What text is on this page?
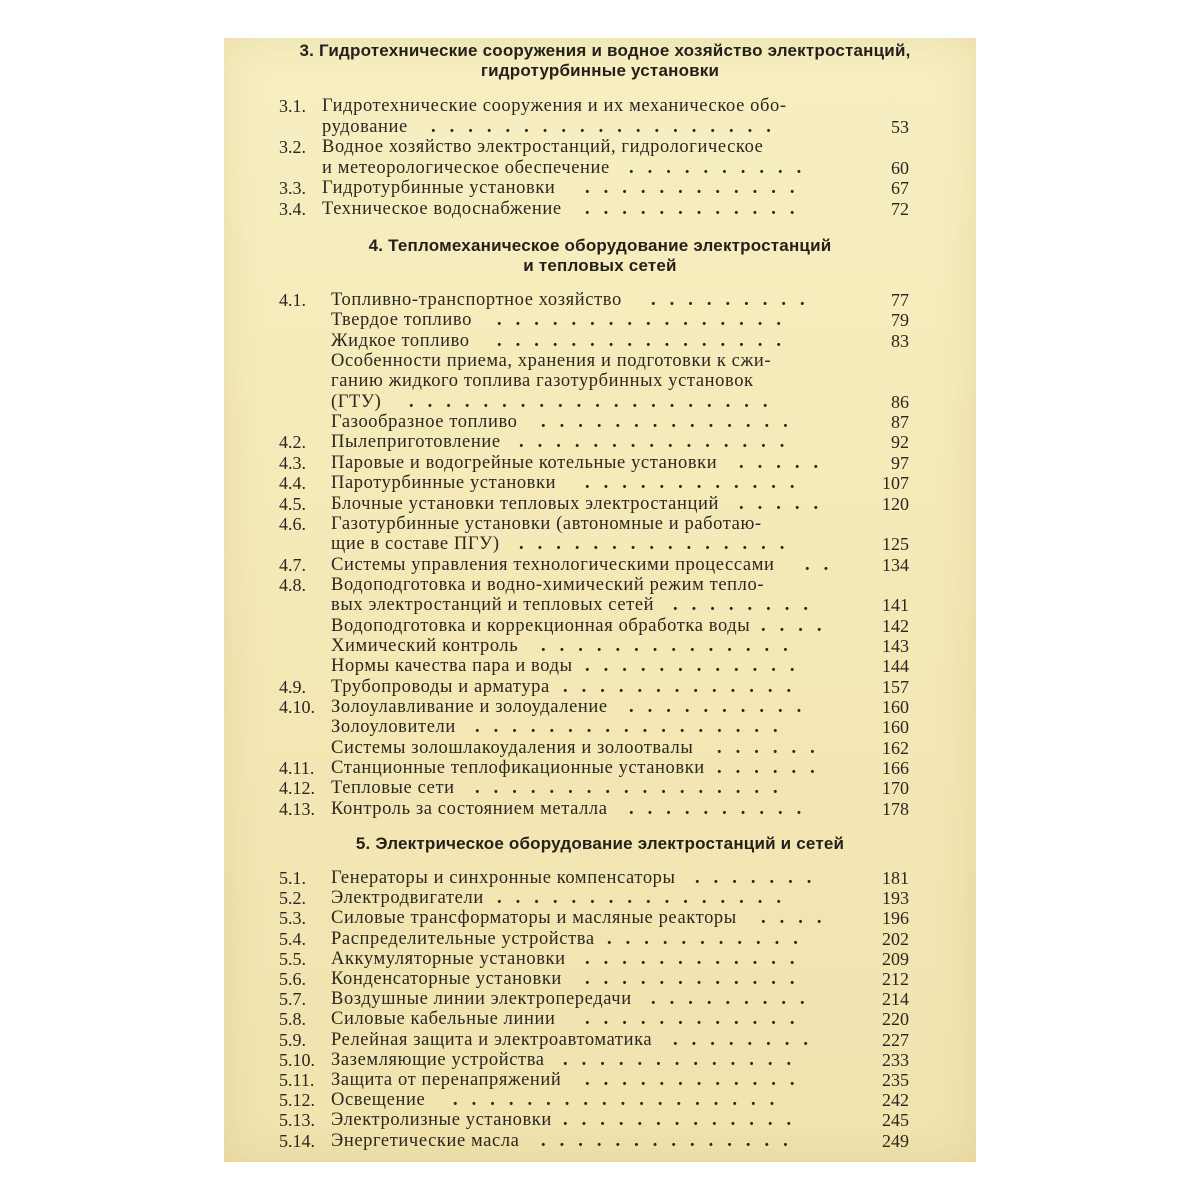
3. Гидротехнические сооружения и водное хозяйство электростанций,
гидротурбинные установки
3.1. Гидротехнические сооружения и их механическое обо-
рудование ...................	53
3.2. Водное хозяйство электростанций, гидрологическое
и метеорологическое обеспечение ..........	60
3.3. Гидротурбинные установки ............	67
3.4. Техническое водоснабжение ............	72
4. Тепломеханическое оборудование электростанций
и тепловых сетей
4.1.	Топливно-транспортное хозяйство .........	77
Твердое топливо ................	79
Жидкое топливо ................	83
Особенности приема, хранения и подготовки к сжи-
ганию жидкого топлива газотурбинных установок
(ГТУ) ....................	86
Газообразное топливо ..............	87
4.2.	Пылеприготовление ...............	92
4.3.	Паровые и водогрейные котельные установки .....	97
4.4.	Паротурбинные установки ............	107
4.5.	Блочные установки тепловых электростанций .....	120
4.6.	Газотурбинные установки (автономные и работаю-
щие в составе ПГУ) ...............	125
4.7.	Системы управления технологическими процессами ..	134
4.8.	Водоподготовка и водно-химический режим тепло-
вых электростанций и тепловых сетей ........	141
Водоподготовка и коррекционная обработка воды ....	142
Химический контроль ..............	143
Нормы качества пара и воды ............	144
4.9.	Трубопроводы и арматура .............	157
4.10. Золоулавливание и золоудаление ..........	160
Золоуловители .................	160
Системы золошлакоудаления и золоотвалы ......	162
4.11. Станционные теплофикационные установки ......	166
4.12. Тепловые сети .................	170
4.13. Контроль за состоянием металла ..........	178
5. Электрическое оборудование электростанций и сетей
5.1.	Генераторы и синхронные компенсаторы .......	181
5.2.	Электродвигатели ................	193
5.3.	Силовые трансформаторы и масляные реакторы ....	196
5.4.	Распределительные устройства ...........	202
5.5.	Аккумуляторные установки ............	209
5.6.	Конденсаторные установки ............	212
5.7.	Воздушные линии электропередачи .........	214
5.8.	Силовые кабельные линии ............	220
5.9.	Релейная защита и электроавтоматика ........	227
5.10. Заземляющие устройства .............	233
5.11. Защита от перенапряжений ............	235
5.12. Освещение ..................	242
5.13. Электролизные установки .............	245
5.14. Энергетические масла ..............	249
